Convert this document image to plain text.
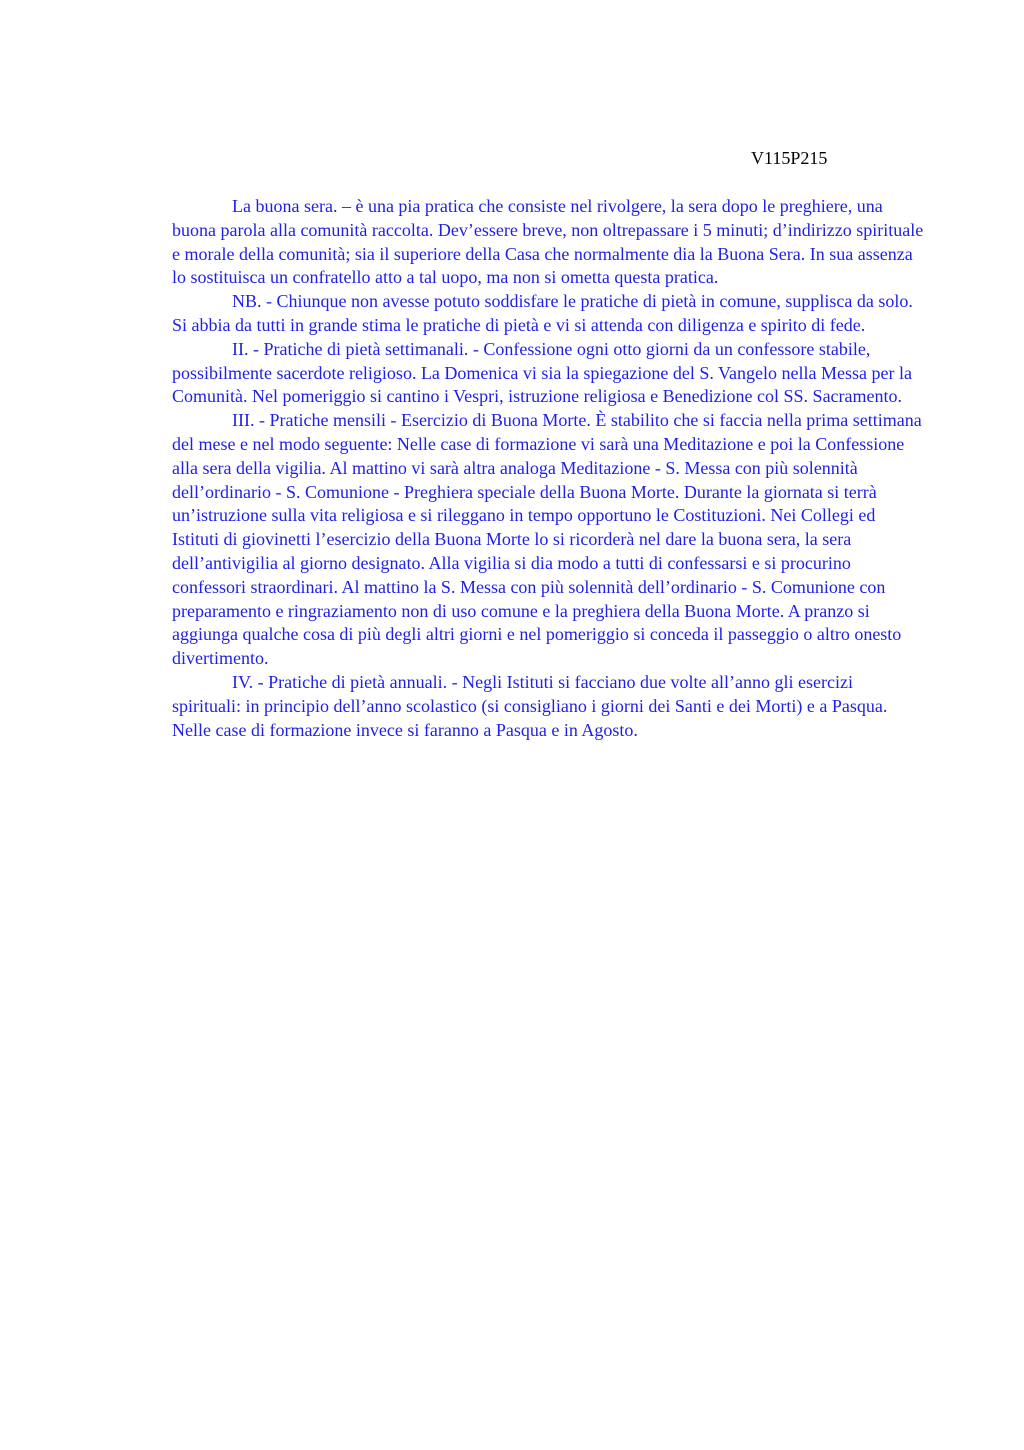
V115P215

La buona sera. – è una pia pratica che consiste nel rivolgere, la sera dopo le preghiere, una buona parola alla comunità raccolta. Dev’essere breve, non oltrepassare i 5 minuti; d’indirizzo spirituale e morale della comunità; sia il superiore della Casa che normalmente dia la Buona Sera. In sua assenza lo sostituisca un confratello atto a tal uopo, ma non si ometta questa pratica.

NB. - Chiunque non avesse potuto soddisfare le pratiche di pietà in comune, supplisca da solo. Si abbia da tutti in grande stima le pratiche di pietà e vi si attenda con diligenza e spirito di fede.

II. - Pratiche di pietà settimanali. - Confessione ogni otto giorni da un confessore stabile, possibilmente sacerdote religioso. La Domenica vi sia la spiegazione del S. Vangelo nella Messa per la Comunità. Nel pomeriggio si cantino i Vespri, istruzione religiosa e Benedizione col SS. Sacramento.

III. - Pratiche mensili - Esercizio di Buona Morte. È stabilito che si faccia nella prima settimana del mese e nel modo seguente: Nelle case di formazione vi sarà una Meditazione e poi la Confessione alla sera della vigilia. Al mattino vi sarà altra analoga Meditazione - S. Messa con più solennità dell’ordinario - S. Comunione - Preghiera speciale della Buona Morte. Durante la giornata si terrà un’istruzione sulla vita religiosa e si rileggano in tempo opportuno le Costituzioni. Nei Collegi ed Istituti di giovinetti l’esercizio della Buona Morte lo si ricorderà nel dare la buona sera, la sera dell’antivigilia al giorno designato. Alla vigilia si dia modo a tutti di confessarsi e si procurino confessori straordinari. Al mattino la S. Messa con più solennità dell’ordinario - S. Comunione con preparamento e ringraziamento non di uso comune e la preghiera della Buona Morte. A pranzo si aggiunga qualche cosa di più degli altri giorni e nel pomeriggio si conceda il passeggio o altro onesto divertimento.

IV. - Pratiche di pietà annuali. - Negli Istituti si facciano due volte all’anno gli esercizi spirituali: in principio dell’anno scolastico (si consigliano i giorni dei Santi e dei Morti) e a Pasqua. Nelle case di formazione invece si faranno a Pasqua e in Agosto.
